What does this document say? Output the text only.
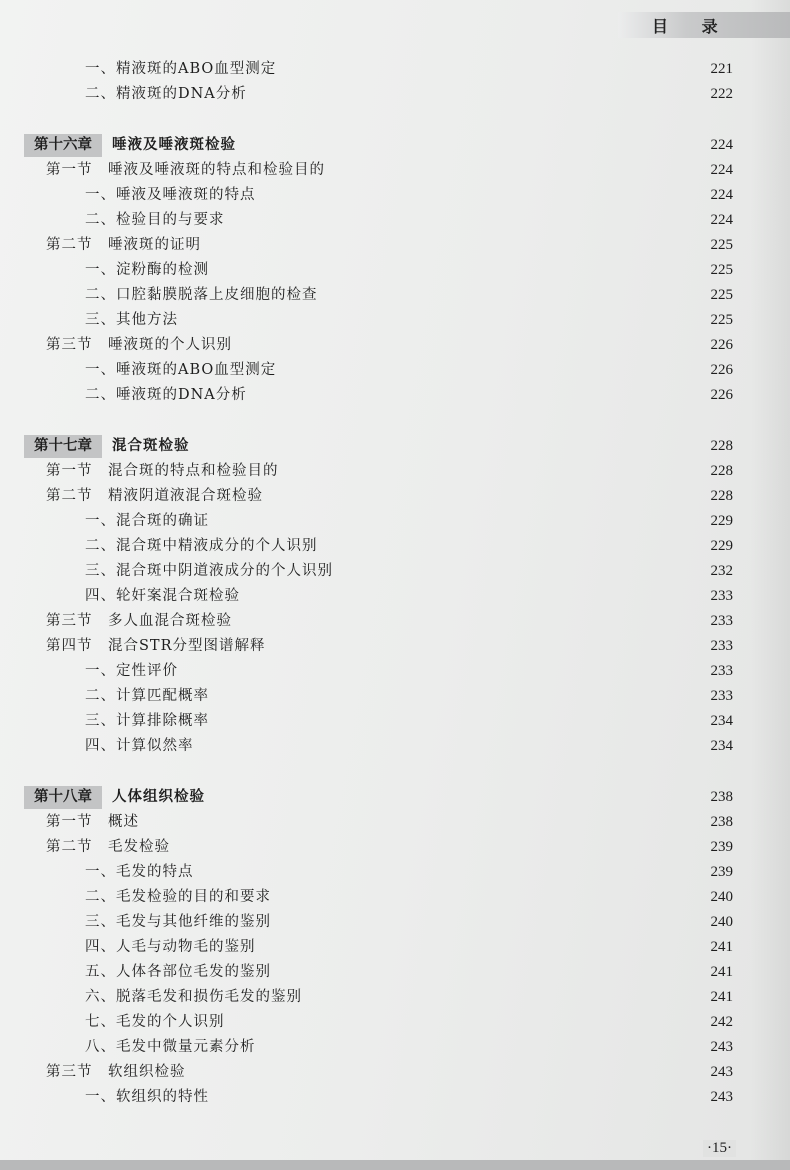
目 录
一、精液斑的ABO血型测定	221
二、精液斑的DNA分析	222
第十六章	唾液及唾液斑检验	224
第一节　唾液及唾液斑的特点和检验目的	224
一、唾液及唾液斑的特点	224
二、检验目的与要求	224
第二节　唾液斑的证明	225
一、淀粉酶的检测	225
二、口腔黏膜脱落上皮细胞的检查	225
三、其他方法	225
第三节　唾液斑的个人识别	226
一、唾液斑的ABO血型测定	226
二、唾液斑的DNA分析	226
第十七章	混合斑检验	228
第一节　混合斑的特点和检验目的	228
第二节　精液阴道液混合斑检验	228
一、混合斑的确证	229
二、混合斑中精液成分的个人识别	229
三、混合斑中阴道液成分的个人识别	232
四、轮奸案混合斑检验	233
第三节　多人血混合斑检验	233
第四节　混合STR分型图谱解释	233
一、定性评价	233
二、计算匹配概率	233
三、计算排除概率	234
四、计算似然率	234
第十八章	人体组织检验	238
第一节　概述	238
第二节　毛发检验	239
一、毛发的特点	239
二、毛发检验的目的和要求	240
三、毛发与其他纤维的鉴别	240
四、人毛与动物毛的鉴别	241
五、人体各部位毛发的鉴别	241
六、脱落毛发和损伤毛发的鉴别	241
七、毛发的个人识别	242
八、毛发中微量元素分析	243
第三节　软组织检验	243
一、软组织的特性	243
·15·
